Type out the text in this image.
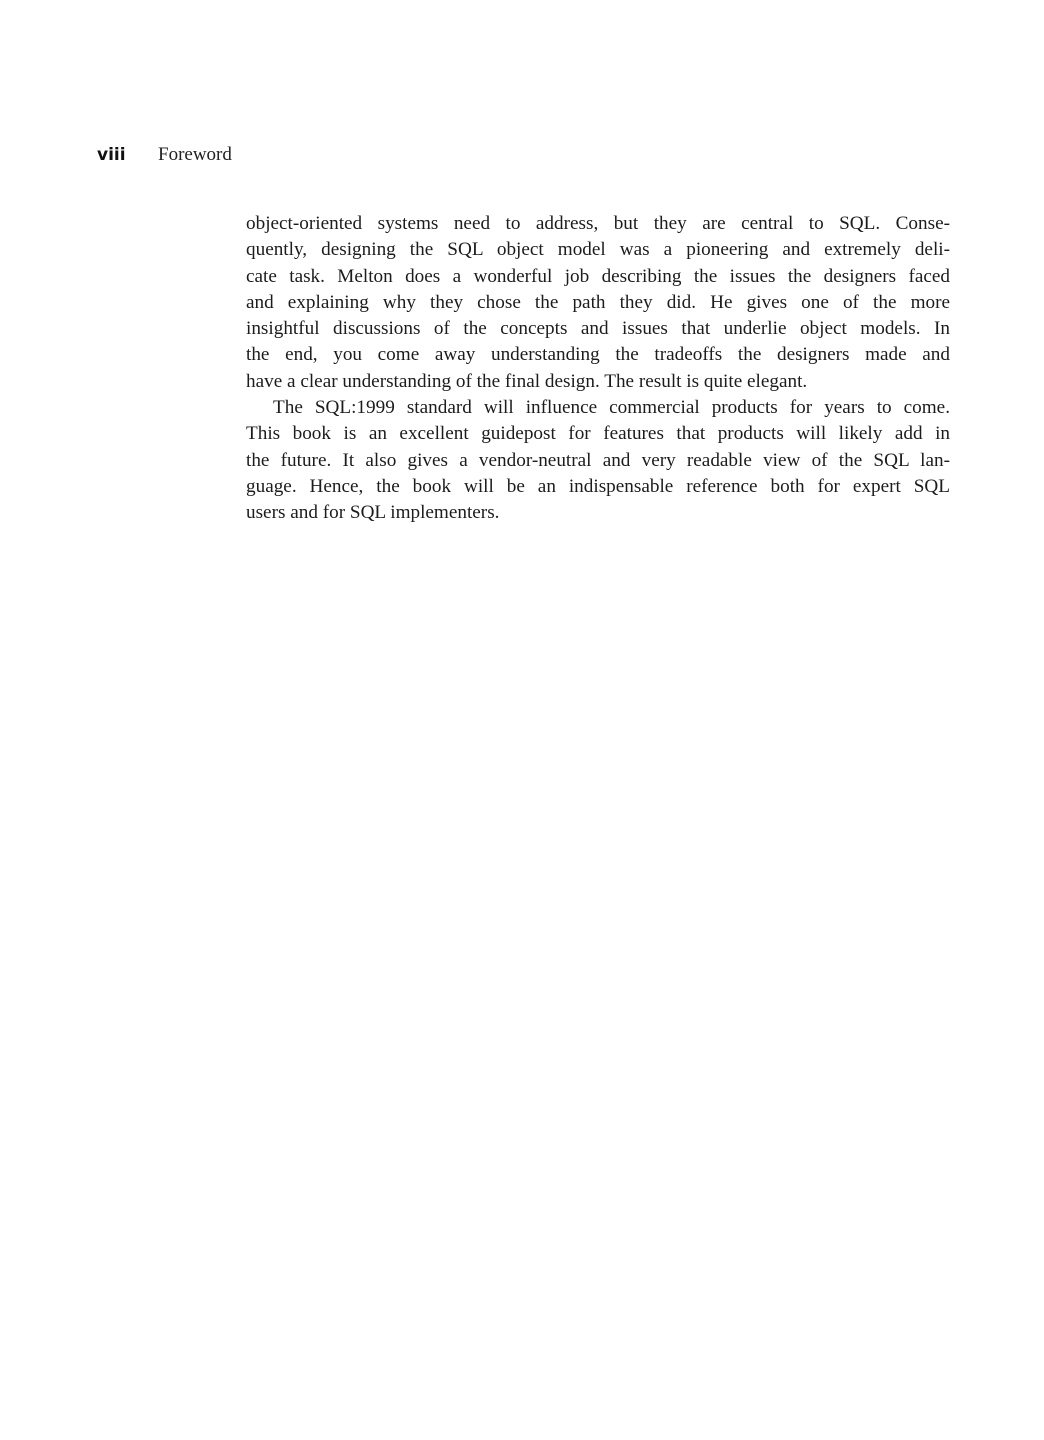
viii	Foreword
object-oriented systems need to address, but they are central to SQL. Conse-
quently, designing the SQL object model was a pioneering and extremely deli-
cate task. Melton does a wonderful job describing the issues the designers faced
and explaining why they chose the path they did. He gives one of the more
insightful discussions of the concepts and issues that underlie object models. In
the end, you come away understanding the tradeoffs the designers made and
have a clear understanding of the final design. The result is quite elegant.
The SQL:1999 standard will influence commercial products for years to come.
This book is an excellent guidepost for features that products will likely add in
the future. It also gives a vendor-neutral and very readable view of the SQL lan-
guage. Hence, the book will be an indispensable reference both for expert SQL
users and for SQL implementers.
